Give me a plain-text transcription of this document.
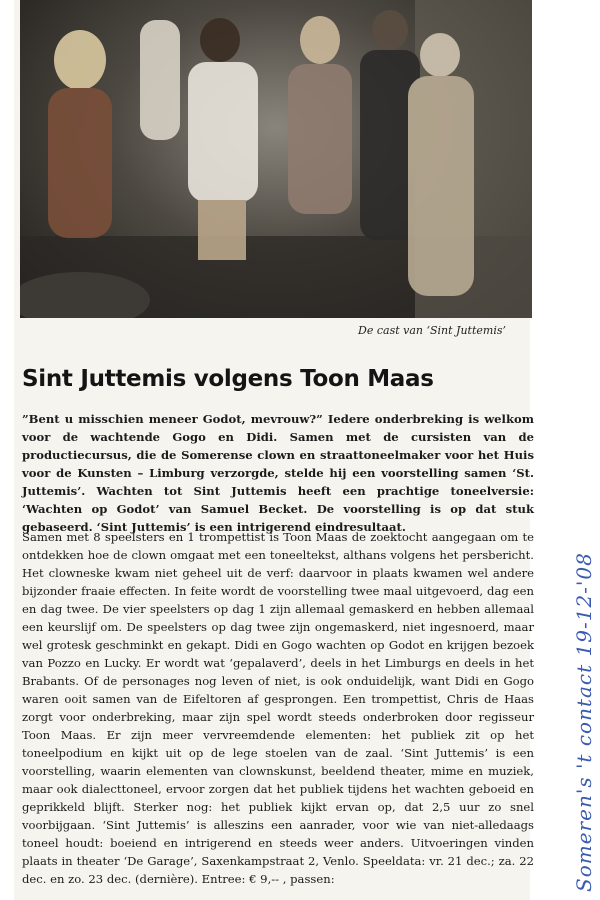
De cast van ‘Sint Juttemis’
Sint Juttemis volgens Toon Maas

”Bent u misschien meneer Godot, mevrouw?” Iedere onderbreking is welkom voor de wachtende Gogo en Didi. Samen met de cursisten van de productiecursus, die de Somerense clown en straattoneelmaker voor het Huis voor de Kunsten – Limburg verzorgde, stelde hij een voorstelling samen ‘St. Juttemis’. Wachten tot Sint Juttemis heeft een prachtige toneelversie: ‘Wachten op Godot’ van Samuel Becket. De voorstelling is op dat stuk gebaseerd. ‘Sint Juttemis’ is een intrigerend eindresultaat.

Samen met 8 speelsters en 1 trompettist is Toon Maas de zoektocht aangegaan om te ontdekken hoe de clown omgaat met een toneeltekst, althans volgens het persbericht. Het clowneske kwam niet geheel uit de verf: daarvoor in plaats kwamen wel andere bijzonder fraaie effecten. In feite wordt de voorstelling twee maal uitgevoerd, dag een en dag twee. De vier speelsters op dag 1 zijn allemaal gemaskerd en hebben allemaal een keurslijf om. De speelsters op dag twee zijn ongemaskerd, niet ingesnoerd, maar wel grotesk geschminkt en gekapt. Didi en Gogo wachten op Godot en krijgen bezoek van Pozzo en Lucky. Er wordt wat ‘gepalaverd’, deels in het Limburgs en deels in het Brabants. Of de personages nog leven of niet, is ook onduidelijk, want Didi en Gogo waren ooit samen van de Eifeltoren af gesprongen. Een trompettist, Chris de Haas zorgt voor onderbreking, maar zijn spel wordt steeds onderbroken door regisseur Toon Maas. Er zijn meer vervreemdende elementen: het publiek zit op het toneelpodium en kijkt uit op de lege stoelen van de zaal. ‘Sint Juttemis’ is een voorstelling, waarin elementen van clownskunst, beeldend theater, mime en muziek, maar ook dialecttoneel, ervoor zorgen dat het publiek tijdens het wachten geboeid en geprikkeld blijft. Sterker nog: het publiek kijkt ervan op, dat 2,5 uur zo snel voorbijgaan. ‘Sint Juttemis’ is alleszins een aanrader, voor wie van niet-alledaags toneel houdt: boeiend en intrigerend en steeds weer anders. Uitvoeringen vinden plaats in theater ‘De Garage’, Saxenkampstraat 2, Venlo. Speeldata: vr. 21 dec.; za. 22 dec. en zo. 23 dec. (dernière). Entree: € 9,-- , passen:	Someren's 't contact 19-12-'08
